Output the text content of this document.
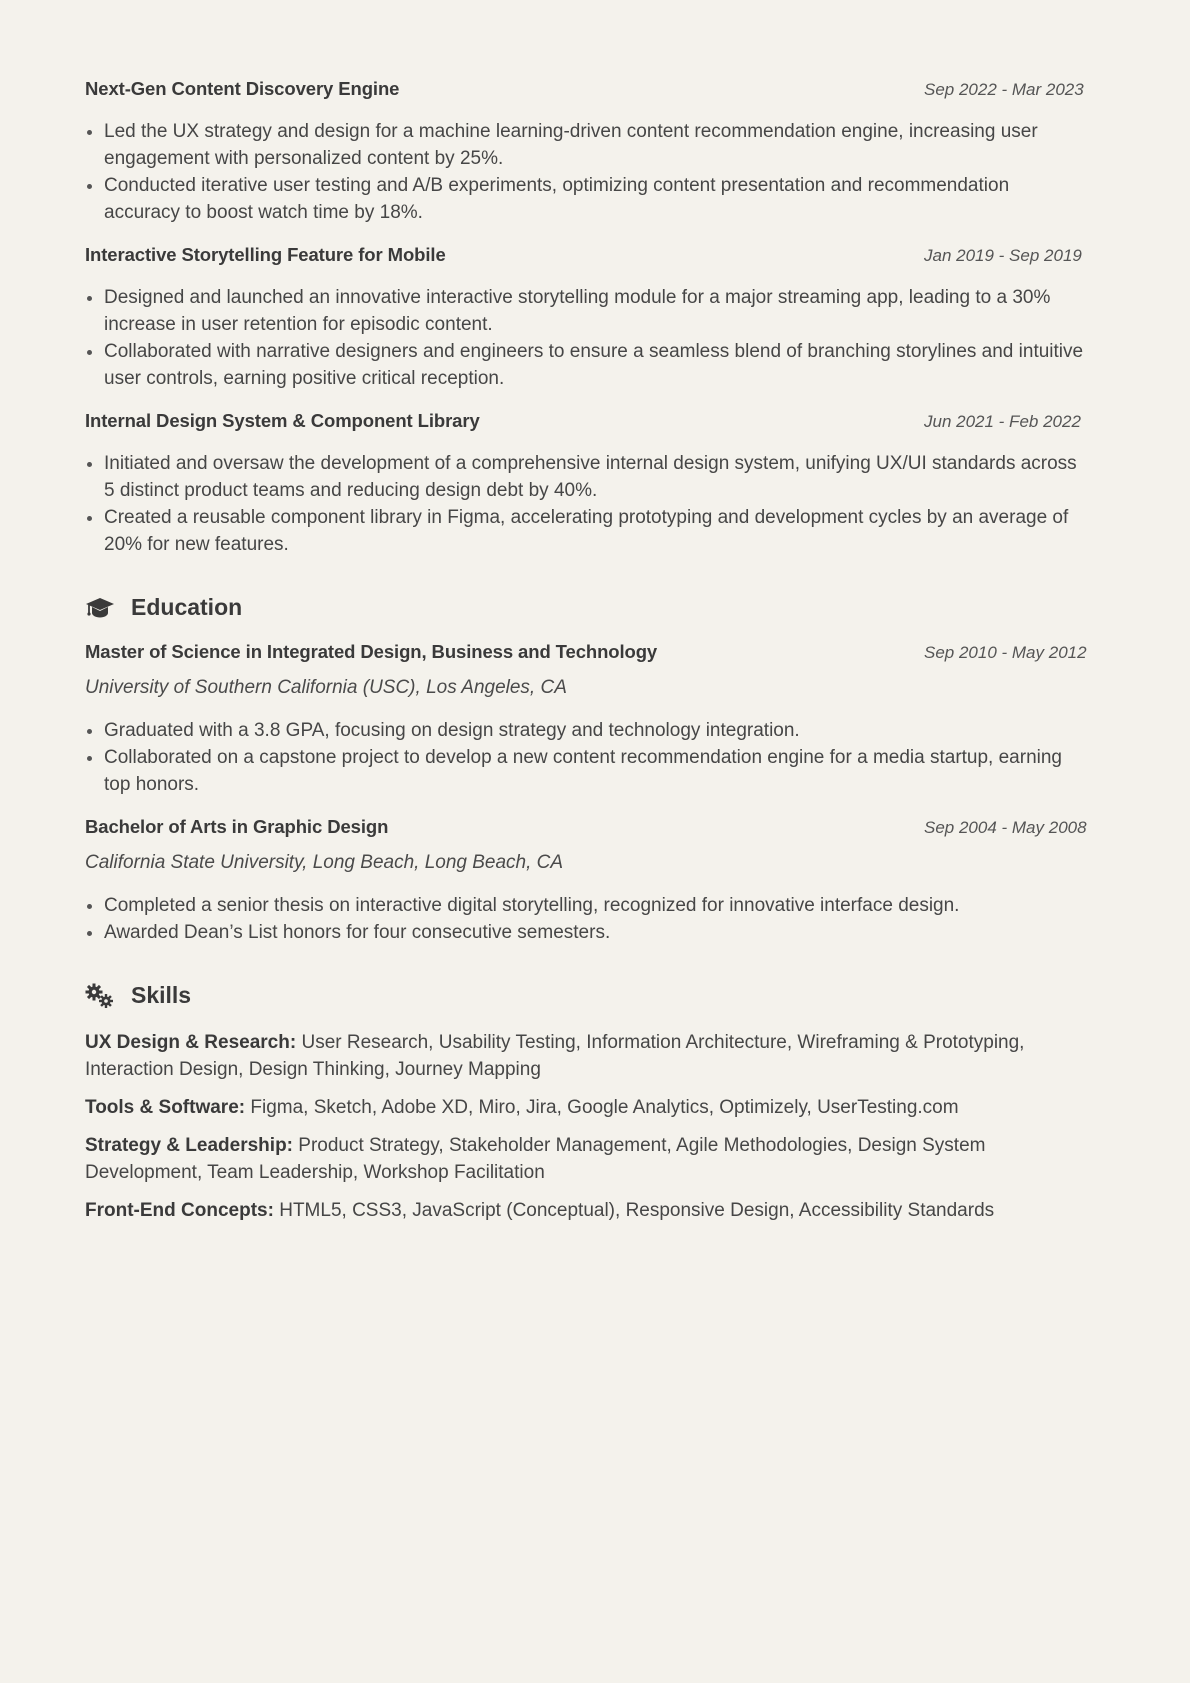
Next-Gen Content Discovery Engine	Sep 2022 - Mar 2023
Led the UX strategy and design for a machine learning-driven content recommendation engine, increasing user engagement with personalized content by 25%.
Conducted iterative user testing and A/B experiments, optimizing content presentation and recommendation accuracy to boost watch time by 18%.
Interactive Storytelling Feature for Mobile	Jan 2019 - Sep 2019
Designed and launched an innovative interactive storytelling module for a major streaming app, leading to a 30% increase in user retention for episodic content.
Collaborated with narrative designers and engineers to ensure a seamless blend of branching storylines and intuitive user controls, earning positive critical reception.
Internal Design System & Component Library	Jun 2021 - Feb 2022
Initiated and oversaw the development of a comprehensive internal design system, unifying UX/UI standards across 5 distinct product teams and reducing design debt by 40%.
Created a reusable component library in Figma, accelerating prototyping and development cycles by an average of 20% for new features.
Education
Master of Science in Integrated Design, Business and Technology	Sep 2010 - May 2012
University of Southern California (USC), Los Angeles, CA
Graduated with a 3.8 GPA, focusing on design strategy and technology integration.
Collaborated on a capstone project to develop a new content recommendation engine for a media startup, earning top honors.
Bachelor of Arts in Graphic Design	Sep 2004 - May 2008
California State University, Long Beach, Long Beach, CA
Completed a senior thesis on interactive digital storytelling, recognized for innovative interface design.
Awarded Dean’s List honors for four consecutive semesters.
Skills
UX Design & Research: User Research, Usability Testing, Information Architecture, Wireframing & Prototyping, Interaction Design, Design Thinking, Journey Mapping
Tools & Software: Figma, Sketch, Adobe XD, Miro, Jira, Google Analytics, Optimizely, UserTesting.com
Strategy & Leadership: Product Strategy, Stakeholder Management, Agile Methodologies, Design System Development, Team Leadership, Workshop Facilitation
Front-End Concepts: HTML5, CSS3, JavaScript (Conceptual), Responsive Design, Accessibility Standards
